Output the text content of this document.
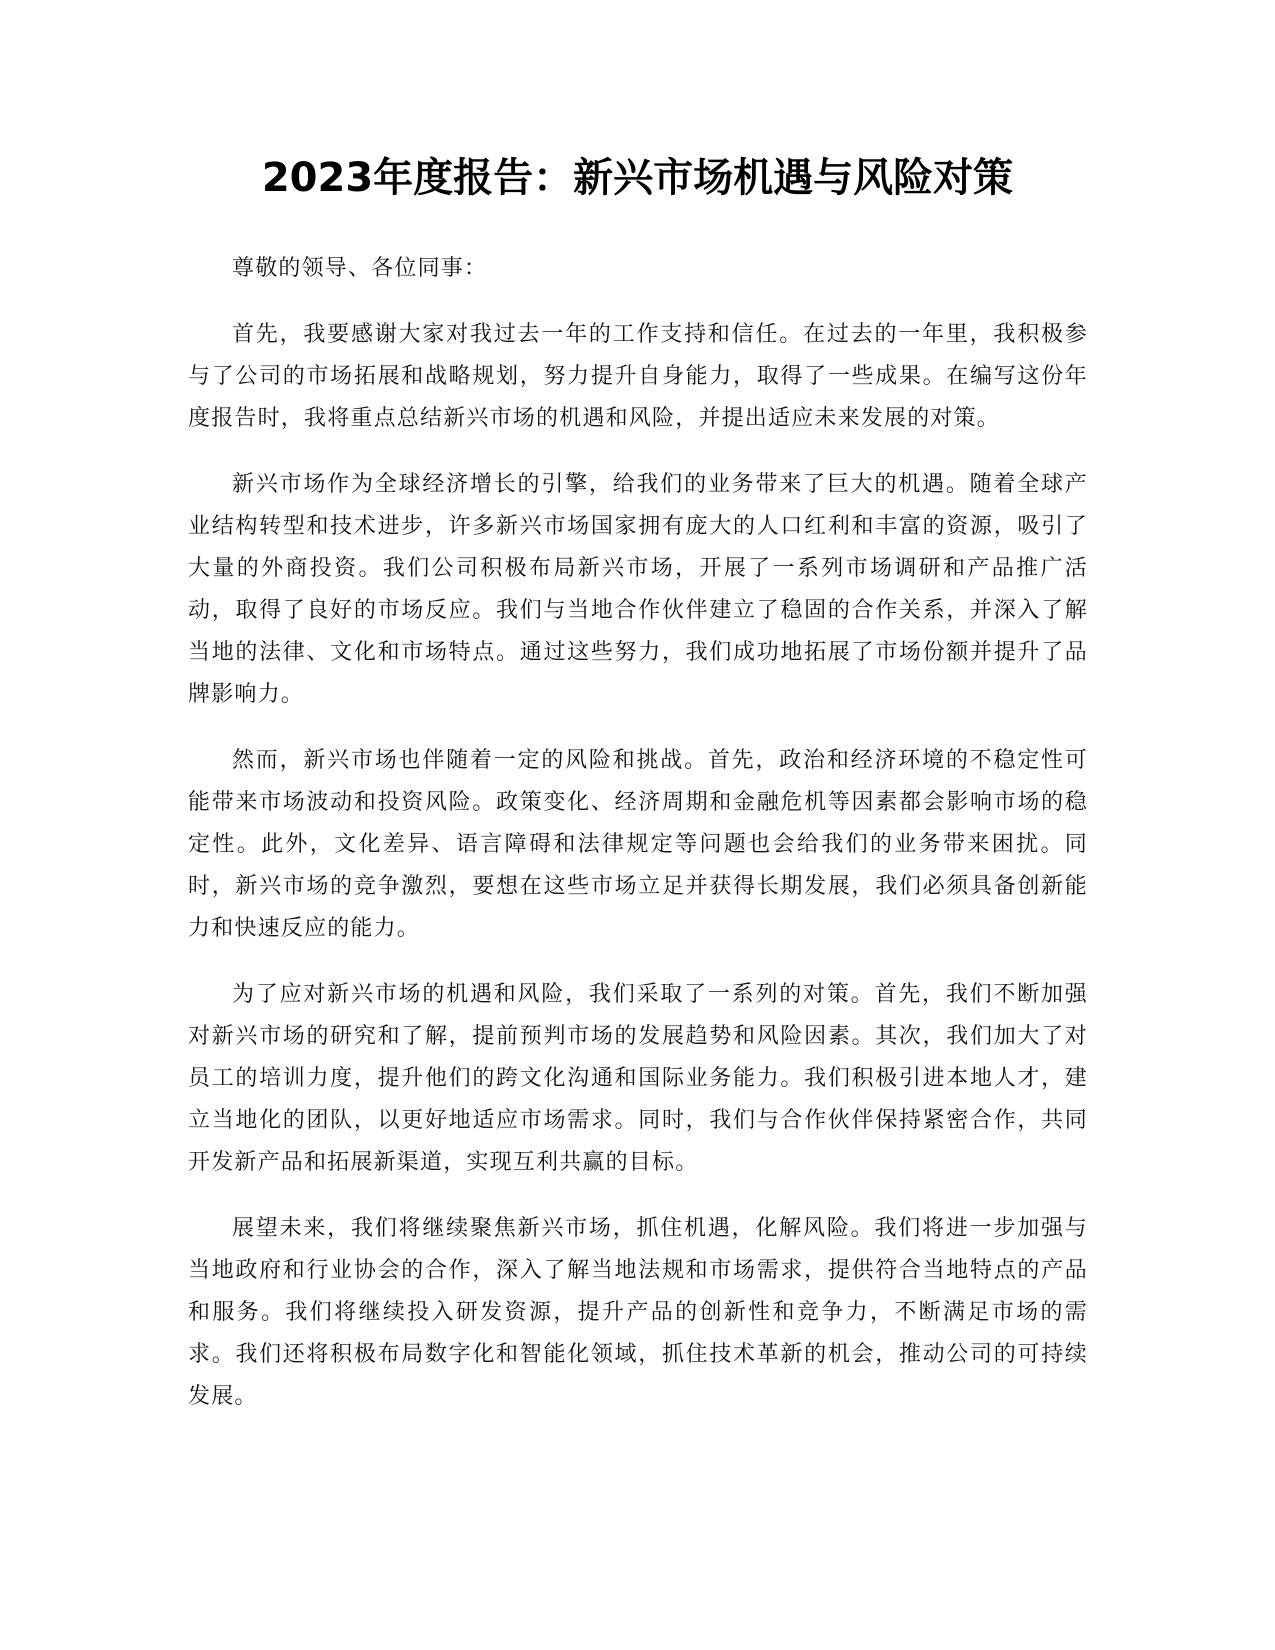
2023年度报告：新兴市场机遇与风险对策

尊敬的领导、各位同事：

首先，我要感谢大家对我过去一年的工作支持和信任。在过去的一年里，我积极参与了公司的市场拓展和战略规划，努力提升自身能力，取得了一些成果。在编写这份年度报告时，我将重点总结新兴市场的机遇和风险，并提出适应未来发展的对策。

新兴市场作为全球经济增长的引擎，给我们的业务带来了巨大的机遇。随着全球产业结构转型和技术进步，许多新兴市场国家拥有庞大的人口红利和丰富的资源，吸引了大量的外商投资。我们公司积极布局新兴市场，开展了一系列市场调研和产品推广活动，取得了良好的市场反应。我们与当地合作伙伴建立了稳固的合作关系，并深入了解当地的法律、文化和市场特点。通过这些努力，我们成功地拓展了市场份额并提升了品牌影响力。

然而，新兴市场也伴随着一定的风险和挑战。首先，政治和经济环境的不稳定性可能带来市场波动和投资风险。政策变化、经济周期和金融危机等因素都会影响市场的稳定性。此外，文化差异、语言障碍和法律规定等问题也会给我们的业务带来困扰。同时，新兴市场的竞争激烈，要想在这些市场立足并获得长期发展，我们必须具备创新能力和快速反应的能力。

为了应对新兴市场的机遇和风险，我们采取了一系列的对策。首先，我们不断加强对新兴市场的研究和了解，提前预判市场的发展趋势和风险因素。其次，我们加大了对员工的培训力度，提升他们的跨文化沟通和国际业务能力。我们积极引进本地人才，建立当地化的团队，以更好地适应市场需求。同时，我们与合作伙伴保持紧密合作，共同开发新产品和拓展新渠道，实现互利共赢的目标。

展望未来，我们将继续聚焦新兴市场，抓住机遇，化解风险。我们将进一步加强与当地政府和行业协会的合作，深入了解当地法规和市场需求，提供符合当地特点的产品和服务。我们将继续投入研发资源，提升产品的创新性和竞争力，不断满足市场的需求。我们还将积极布局数字化和智能化领域，抓住技术革新的机会，推动公司的可持续发展。
